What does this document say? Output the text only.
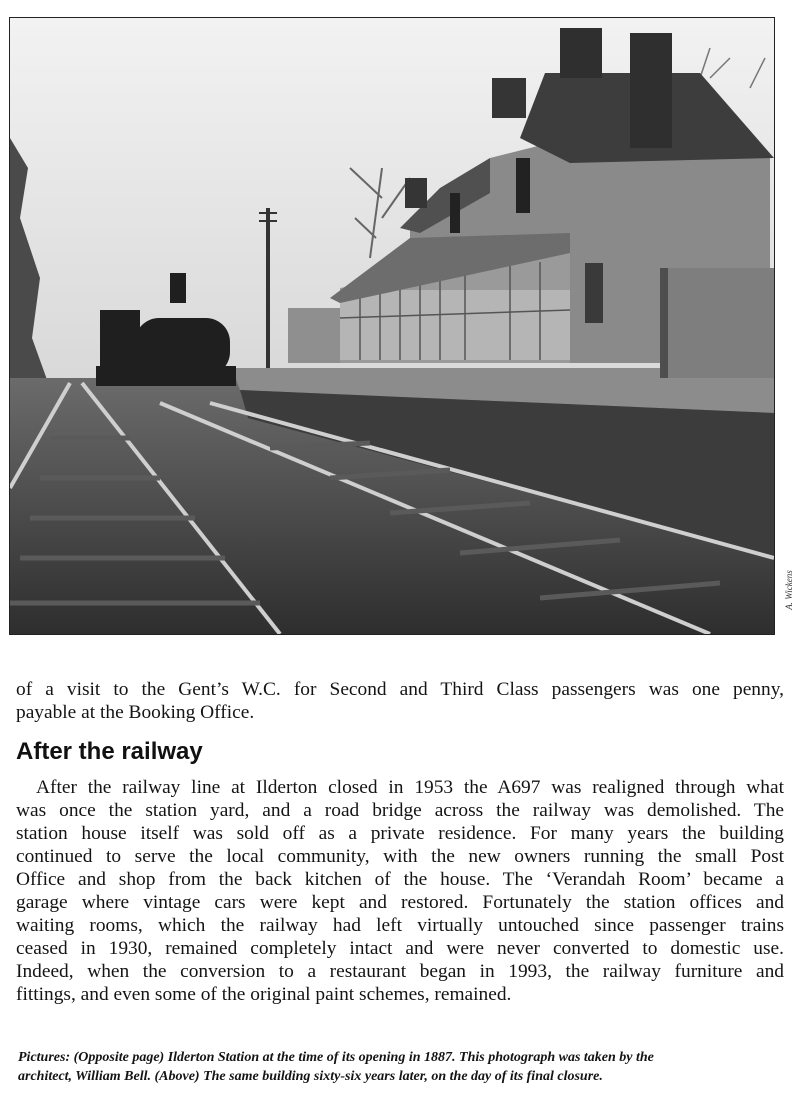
A. Wickens
of a visit to the Gent’s W.C. for Second and Third Class passengers was one penny,
payable at the Booking Office.
After the railway
After the railway line at Ilderton closed in 1953 the A697 was realigned through what
was once the station yard, and a road bridge across the railway was demolished. The
station house itself was sold off as a private residence. For many years the building
continued to serve the local community, with the new owners running the small Post
Office and shop from the back kitchen of the house. The ‘Verandah Room’ became a
garage where vintage cars were kept and restored. Fortunately the station offices and
waiting rooms, which the railway had left virtually untouched since passenger trains
ceased in 1930, remained completely intact and were never converted to domestic use.
Indeed, when the conversion to a restaurant began in 1993, the railway furniture and
fittings, and even some of the original paint schemes, remained.
Pictures: (Opposite page) Ilderton Station at the time of its opening in 1887. This photograph was taken by the
architect, William Bell. (Above) The same building sixty-six years later, on the day of its final closure.
